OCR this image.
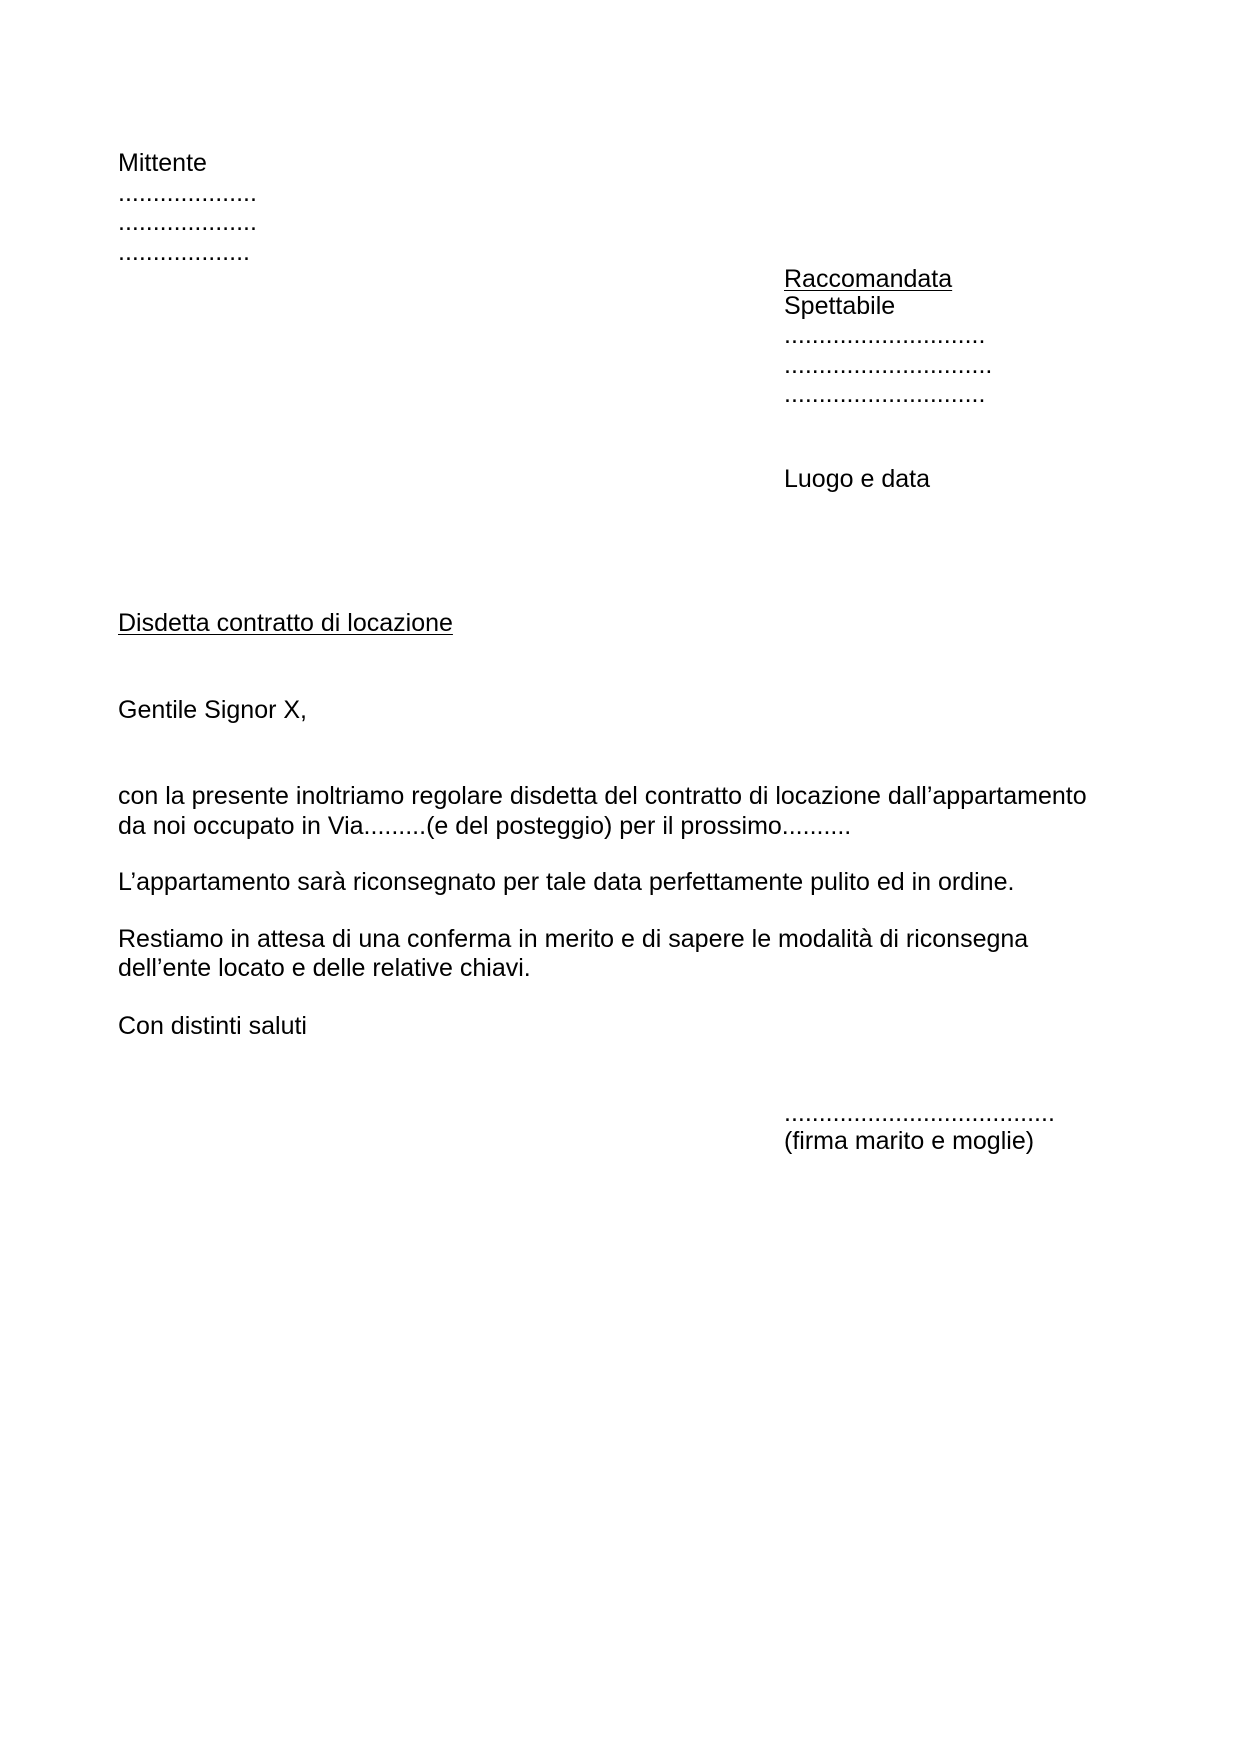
Mittente
....................
....................
...................
Raccomandata
Spettabile
.............................
..............................
.............................
Luogo e data
Disdetta contratto di locazione
Gentile Signor X,
con la presente inoltriamo regolare disdetta del contratto di locazione dall’appartamento
da noi occupato in Via.........(e del posteggio) per il prossimo..........
L’appartamento sarà riconsegnato per tale data perfettamente pulito ed in ordine.
Restiamo in attesa di una conferma in merito e di sapere le modalità di riconsegna
dell’ente locato e delle relative chiavi.
Con distinti saluti
.......................................
(firma marito e moglie)
